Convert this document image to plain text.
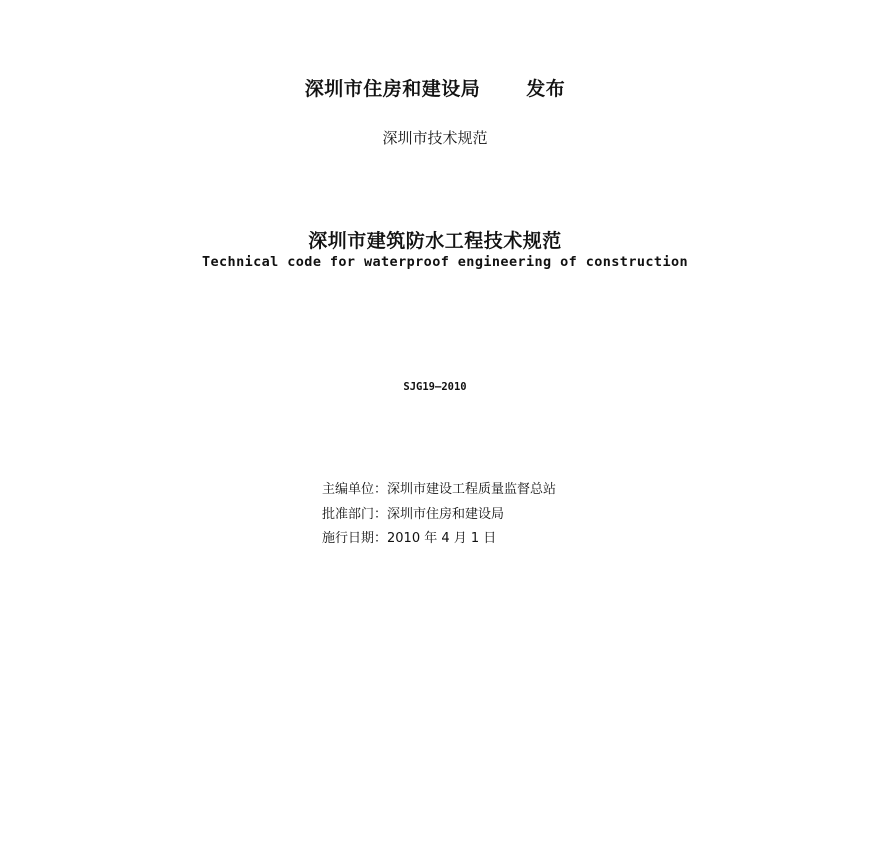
深圳市住房和建设局 发布
深圳市技术规范
深圳市建筑防水工程技术规范
Technical code for waterproof engineering of construction
SJG19—2010
主编单位：深圳市建设工程质量监督总站
批准部门：深圳市住房和建设局
施行日期：2010 年 4 月 1 日
